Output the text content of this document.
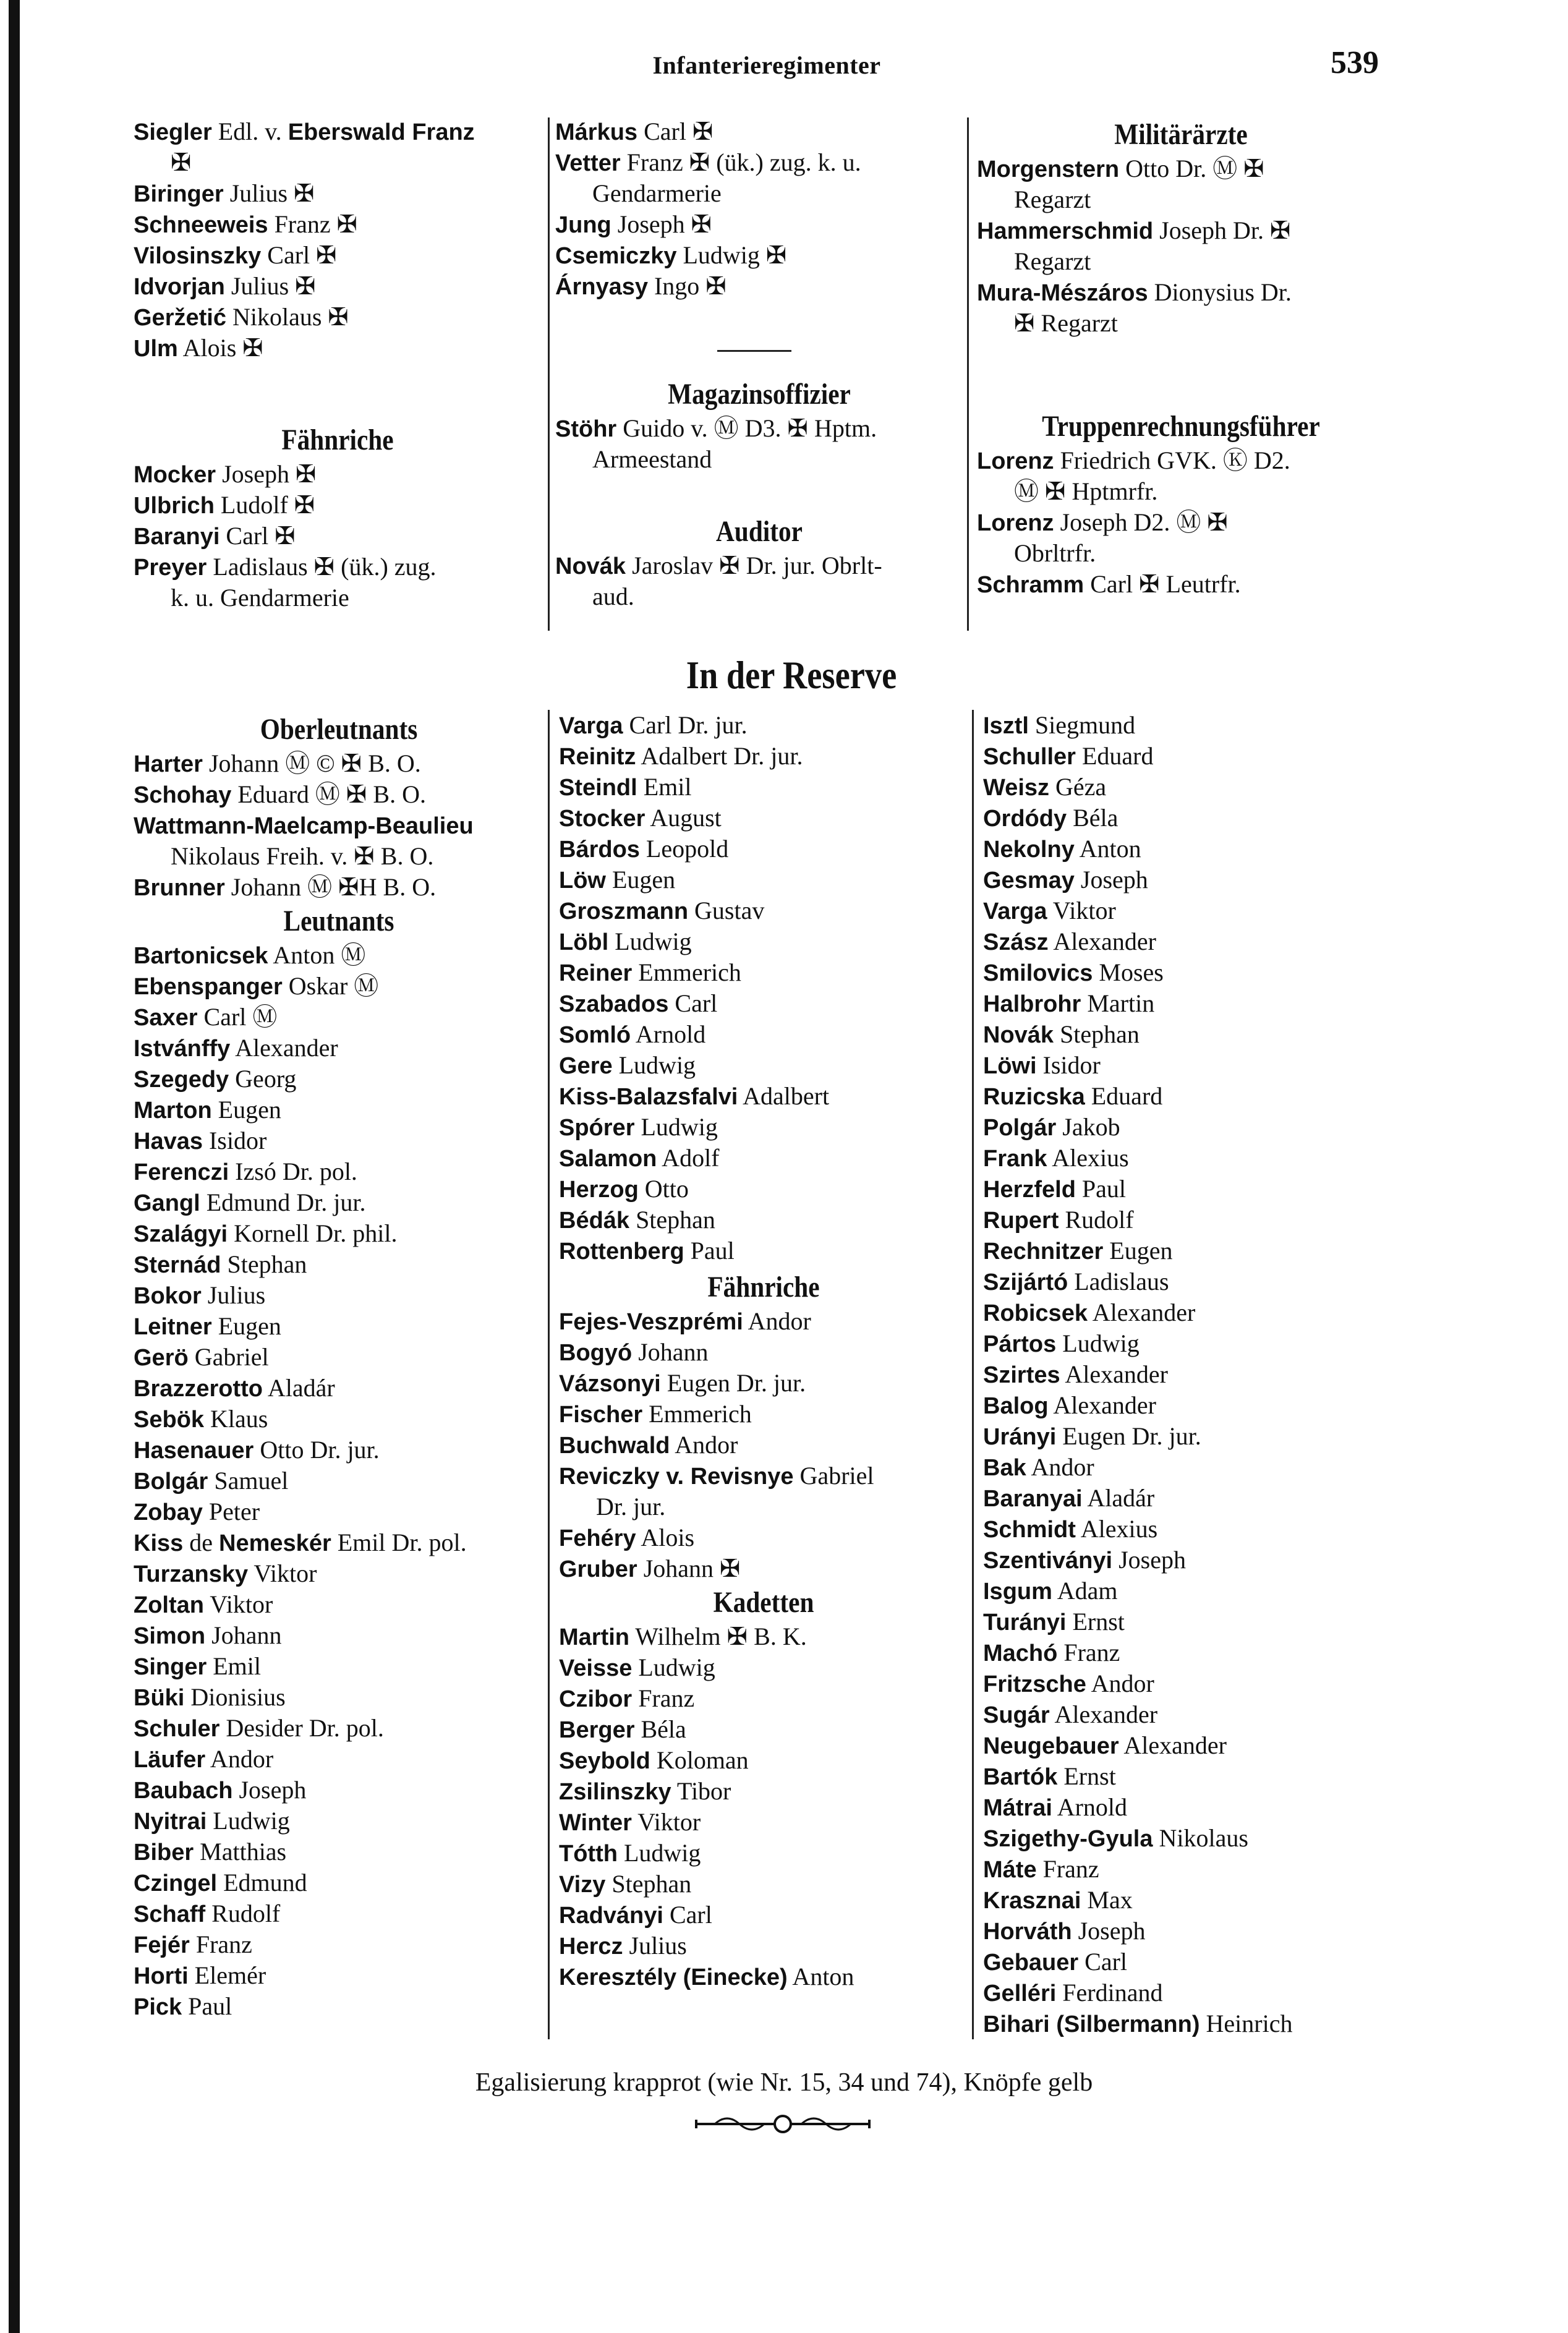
Infanterieregimenter	539
Siegler Edl. v. Eberswald Franz
✠
Biringer Julius ✠
Schneeweis Franz ✠
Vilosinszky Carl ✠
Idvorjan Julius ✠
Geržetić Nikolaus ✠
Ulm Alois ✠
Fähnriche
Mocker Joseph ✠
Ulbrich Ludolf ✠
Baranyi Carl ✠
Preyer Ladislaus ✠ (ük.) zug.
k. u. Gendarmerie
Márkus Carl ✠
Vetter Franz ✠ (ük.) zug. k. u.
Gendarmerie
Jung Joseph ✠
Csemiczky Ludwig ✠
Árnyasy Ingo ✠
Magazinsoffizier
Stöhr Guido v. Ⓜ D3. ✠ Hptm.
Armeestand
Auditor
Novák Jaroslav ✠ Dr. jur. Obrlt-
aud.
Militärärzte
Morgenstern Otto Dr. Ⓜ ✠
Regarzt
Hammerschmid Joseph Dr. ✠
Regarzt
Mura-Mészáros Dionysius Dr.
✠ Regarzt
Truppenrechnungsführer
Lorenz Friedrich GVK. Ⓚ D2.
Ⓜ ✠ Hptmrfr.
Lorenz Joseph D2. Ⓜ ✠
Obrltrfr.
Schramm Carl ✠ Leutrfr.
In der Reserve
Oberleutnants
Harter Johann Ⓜ © ✠ B. O.
Schohay Eduard Ⓜ ✠ B. O.
Wattmann-Maelcamp-Beaulieu
Nikolaus Freih. v. ✠ B. O.
Brunner Johann Ⓜ ✠H B. O.
Leutnants
Bartonicsek Anton Ⓜ
Ebenspanger Oskar Ⓜ
Saxer Carl Ⓜ
Istvánffy Alexander
Szegedy Georg
Marton Eugen
Havas Isidor
Ferenczi Izsó Dr. pol.
Gangl Edmund Dr. jur.
Szalágyi Kornell Dr. phil.
Sternád Stephan
Bokor Julius
Leitner Eugen
Gerö Gabriel
Brazzerotto Aladár
Sebök Klaus
Hasenauer Otto Dr. jur.
Bolgár Samuel
Zobay Peter
Kiss de Nemeskér Emil Dr. pol.
Turzansky Viktor
Zoltan Viktor
Simon Johann
Singer Emil
Büki Dionisius
Schuler Desider Dr. pol.
Läufer Andor
Baubach Joseph
Nyitrai Ludwig
Biber Matthias
Czingel Edmund
Schaff Rudolf
Fejér Franz
Horti Elemér
Pick Paul
Varga Carl Dr. jur.
Reinitz Adalbert Dr. jur.
Steindl Emil
Stocker August
Bárdos Leopold
Löw Eugen
Groszmann Gustav
Löbl Ludwig
Reiner Emmerich
Szabados Carl
Somló Arnold
Gere Ludwig
Kiss-Balazsfalvi Adalbert
Spórer Ludwig
Salamon Adolf
Herzog Otto
Bédák Stephan
Rottenberg Paul
Fähnriche
Fejes-Veszprémi Andor
Bogyó Johann
Vázsonyi Eugen Dr. jur.
Fischer Emmerich
Buchwald Andor
Reviczky v. Revisnye Gabriel
Dr. jur.
Fehéry Alois
Gruber Johann ✠
Kadetten
Martin Wilhelm ✠ B. K.
Veisse Ludwig
Czibor Franz
Berger Béla
Seybold Koloman
Zsilinszky Tibor
Winter Viktor
Tótth Ludwig
Vizy Stephan
Radványi Carl
Hercz Julius
Keresztély (Einecke) Anton
Isztl Siegmund
Schuller Eduard
Weisz Géza
Ordódy Béla
Nekolny Anton
Gesmay Joseph
Varga Viktor
Szász Alexander
Smilovics Moses
Halbrohr Martin
Novák Stephan
Löwi Isidor
Ruzicska Eduard
Polgár Jakob
Frank Alexius
Herzfeld Paul
Rupert Rudolf
Rechnitzer Eugen
Szijártó Ladislaus
Robicsek Alexander
Pártos Ludwig
Szirtes Alexander
Balog Alexander
Urányi Eugen Dr. jur.
Bak Andor
Baranyai Aladár
Schmidt Alexius
Szentiványi Joseph
Isgum Adam
Turányi Ernst
Machó Franz
Fritzsche Andor
Sugár Alexander
Neugebauer Alexander
Bartók Ernst
Mátrai Arnold
Szigethy-Gyula Nikolaus
Máte Franz
Krasznai Max
Horváth Joseph
Gebauer Carl
Gelléri Ferdinand
Bihari (Silbermann) Heinrich
Egalisierung krapprot (wie Nr. 15, 34 und 74), Knöpfe gelb
